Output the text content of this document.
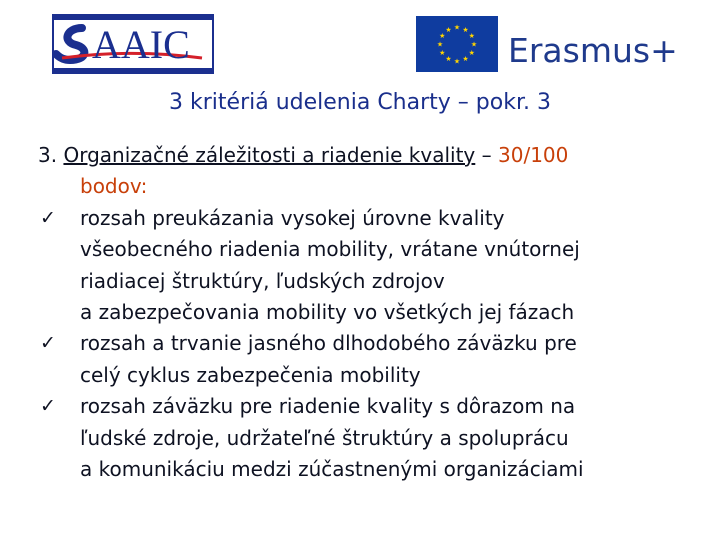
AAIC	★ ★
★
★
★
★
★
★
★
★
★
★
Erasmus+
3 kritériá udelenia Charty – pokr. 3
3. Organizačné záležitosti a riadenie kvality – 30/100
bodov:
✓ rozsah preukázania vysokej úrovne kvality
všeobecného riadenia mobility, vrátane vnútornej
riadiacej štruktúry, ľudských zdrojov
a zabezpečovania mobility vo všetkých jej fázach
✓ rozsah a trvanie jasného dlhodobého záväzku pre
celý cyklus zabezpečenia mobility
✓ rozsah záväzku pre riadenie kvality s dôrazom na
ľudské zdroje, udržateľné štruktúry a spoluprácu
a komunikáciu medzi zúčastnenými organizáciami
